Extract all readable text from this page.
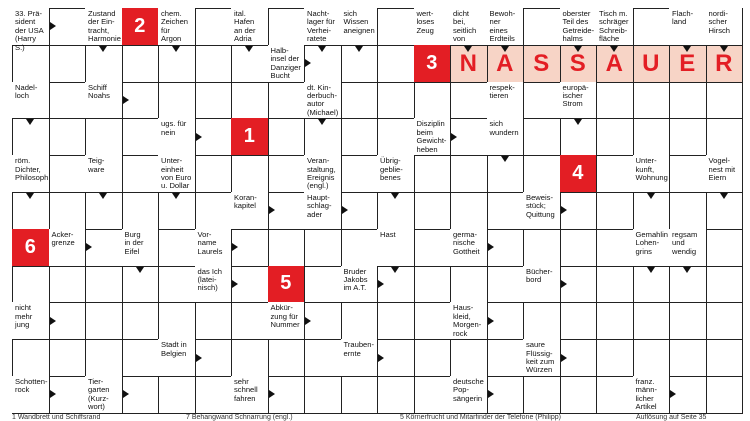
33. Prä-
sident
der USA
(Harry S.)
Zustand
der Ein-
tracht,
Harmonie
2
chem.
Zeichen
für
Argon
ital.
Hafen
an der
Adria
Nacht-
lager für
Verhei-
ratete
sich
Wissen
aneignen
wert-
loses
Zeug
dicht
bei,
seitlich
von
Bewoh-
ner
eines
Erdteils
oberster
Teil des
Getreide-
halms
Tisch m.
schräger
Schreib-
fläche
Flach-
land
nordi-
scher
Hirsch
Halb-
insel der
Danziger
Bucht
3 N A S S A U E R
Nadel-
loch
Schiff
Noahs
dt. Kin-
derbuch-
autor
(Michael)
respek-
tieren
europä-
ischer
Strom
ugs. für
nein	1
Disziplin
beim
Gewicht-
heben
sich
wundern
röm.
Dichter,
Philosoph
Teig-
ware
Unter-
einheit
von Euro
u. Dollar
Veran-
staltung,
Ereignis
(engl.)
Übrig-
geblie-
benes	4
Unter-
kunft,
Wohnung
Vogel-
nest mit
Eiern
Koran-
kapitel
Haupt-
schlag-
ader
Beweis-
stück;
Quittung
6
Acker-
grenze
Burg
in der
Eifel
Vor-
name
Laurels
Hast	germa-
nische
Gottheit
Gemahlin
Lohen-
grins
regsam
und
wendig
das Ich
(latei-
nisch)	5
Bruder
Jakobs
im A.T.
Bücher-
bord
nicht
mehr
jung
Abkür-
zung für
Nummer
Haus-
kleid,
Morgen-
rock
Stadt in
Belgien
Trauben-
ernte
saure
Flüssig-
keit zum
Würzen
Schotten-
rock
Tier-
garten
(Kurz-
wort)
sehr
schnell
fahren
deutsche
Pop-
sängerin
franz.
männ-
licher
Artikel
1 Wandbrett und Schiffsrand	7 Behangwand Schnarrung (engl.)	5 Körnerfrucht und Mitarfinder der Telefone (Philipp)	Auflösung auf Seite 35
